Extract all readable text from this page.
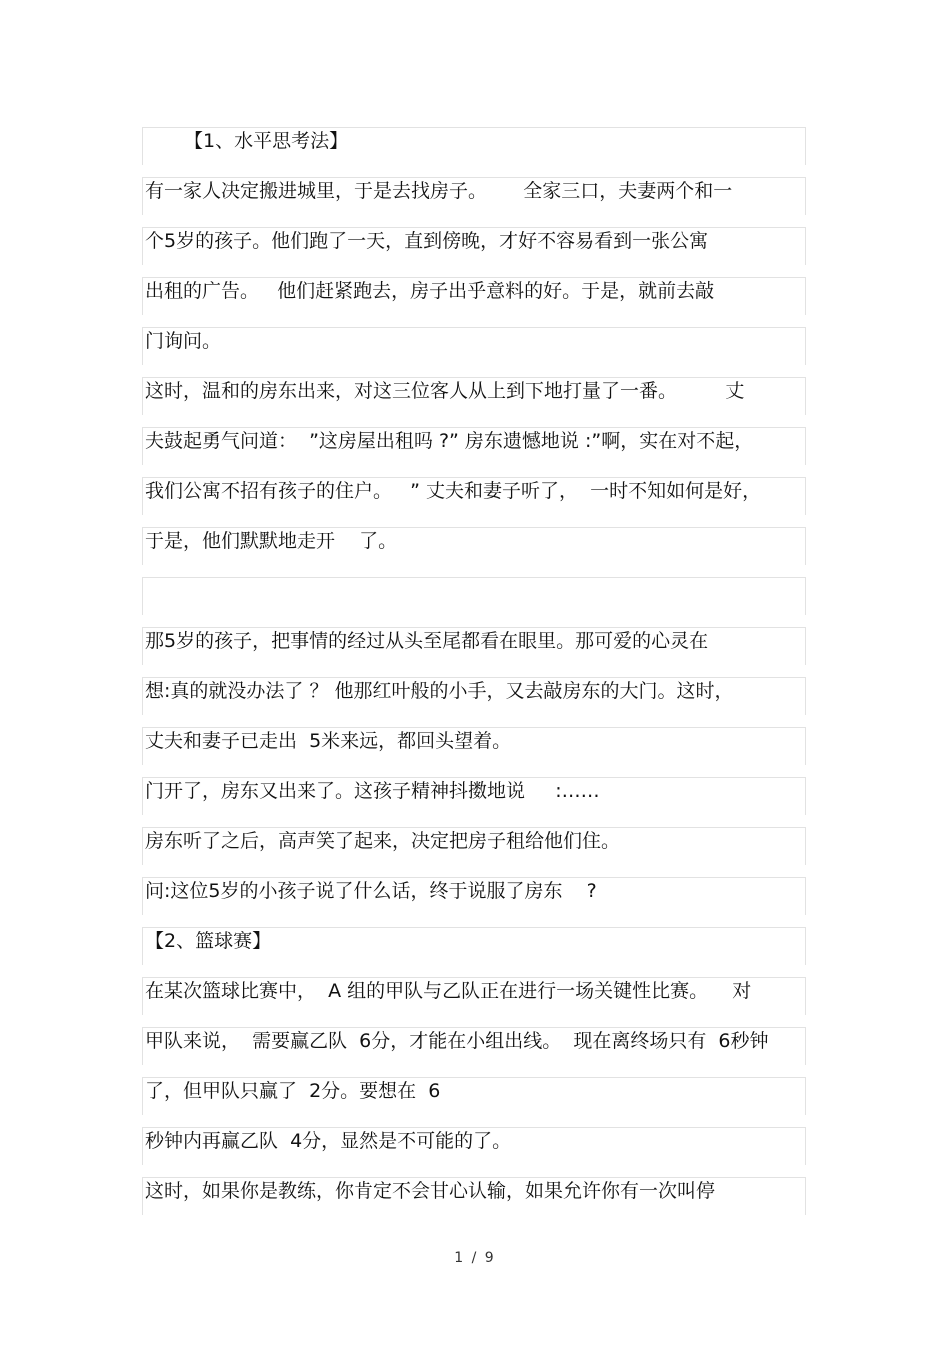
【1、水平思考法】
有一家人决定搬进城里，于是去找房子。      全家三口，夫妻两个和一
个5岁的孩子。他们跑了一天，直到傍晚，才好不容易看到一张公寓
出租的广告。   他们赶紧跑去，房子出乎意料的好。于是，就前去敲
门询问。
这时，温和的房东出来，对这三位客人从上到下地打量了一番。        丈
夫鼓起勇气问道：  ”这房屋出租吗 ?” 房东遗憾地说 :”啊，实在对不起，
我们公寓不招有孩子的住户。   ” 丈夫和妻子听了，  一时不知如何是好，
于是，他们默默地走开    了。
那5岁的孩子，把事情的经过从头至尾都看在眼里。那可爱的心灵在
想:真的就没办法了 ？ 他那红叶般的小手，又去敲房东的大门。这时，
丈夫和妻子已走出  5米来远，都回头望着。
门开了，房东又出来了。这孩子精神抖擞地说     :……
房东听了之后，高声笑了起来，决定把房子租给他们住。
问:这位5岁的小孩子说了什么话，终于说服了房东    ?
【2、篮球赛】
在某次篮球比赛中，  A 组的甲队与乙队正在进行一场关键性比赛。    对
甲队来说，  需要赢乙队  6分，才能在小组出线。  现在离终场只有  6秒钟
了，但甲队只赢了  2分。要想在  6
秒钟内再赢乙队  4分，显然是不可能的了。
这时，如果你是教练，你肯定不会甘心认输，如果允许你有一次叫停
1 / 9
